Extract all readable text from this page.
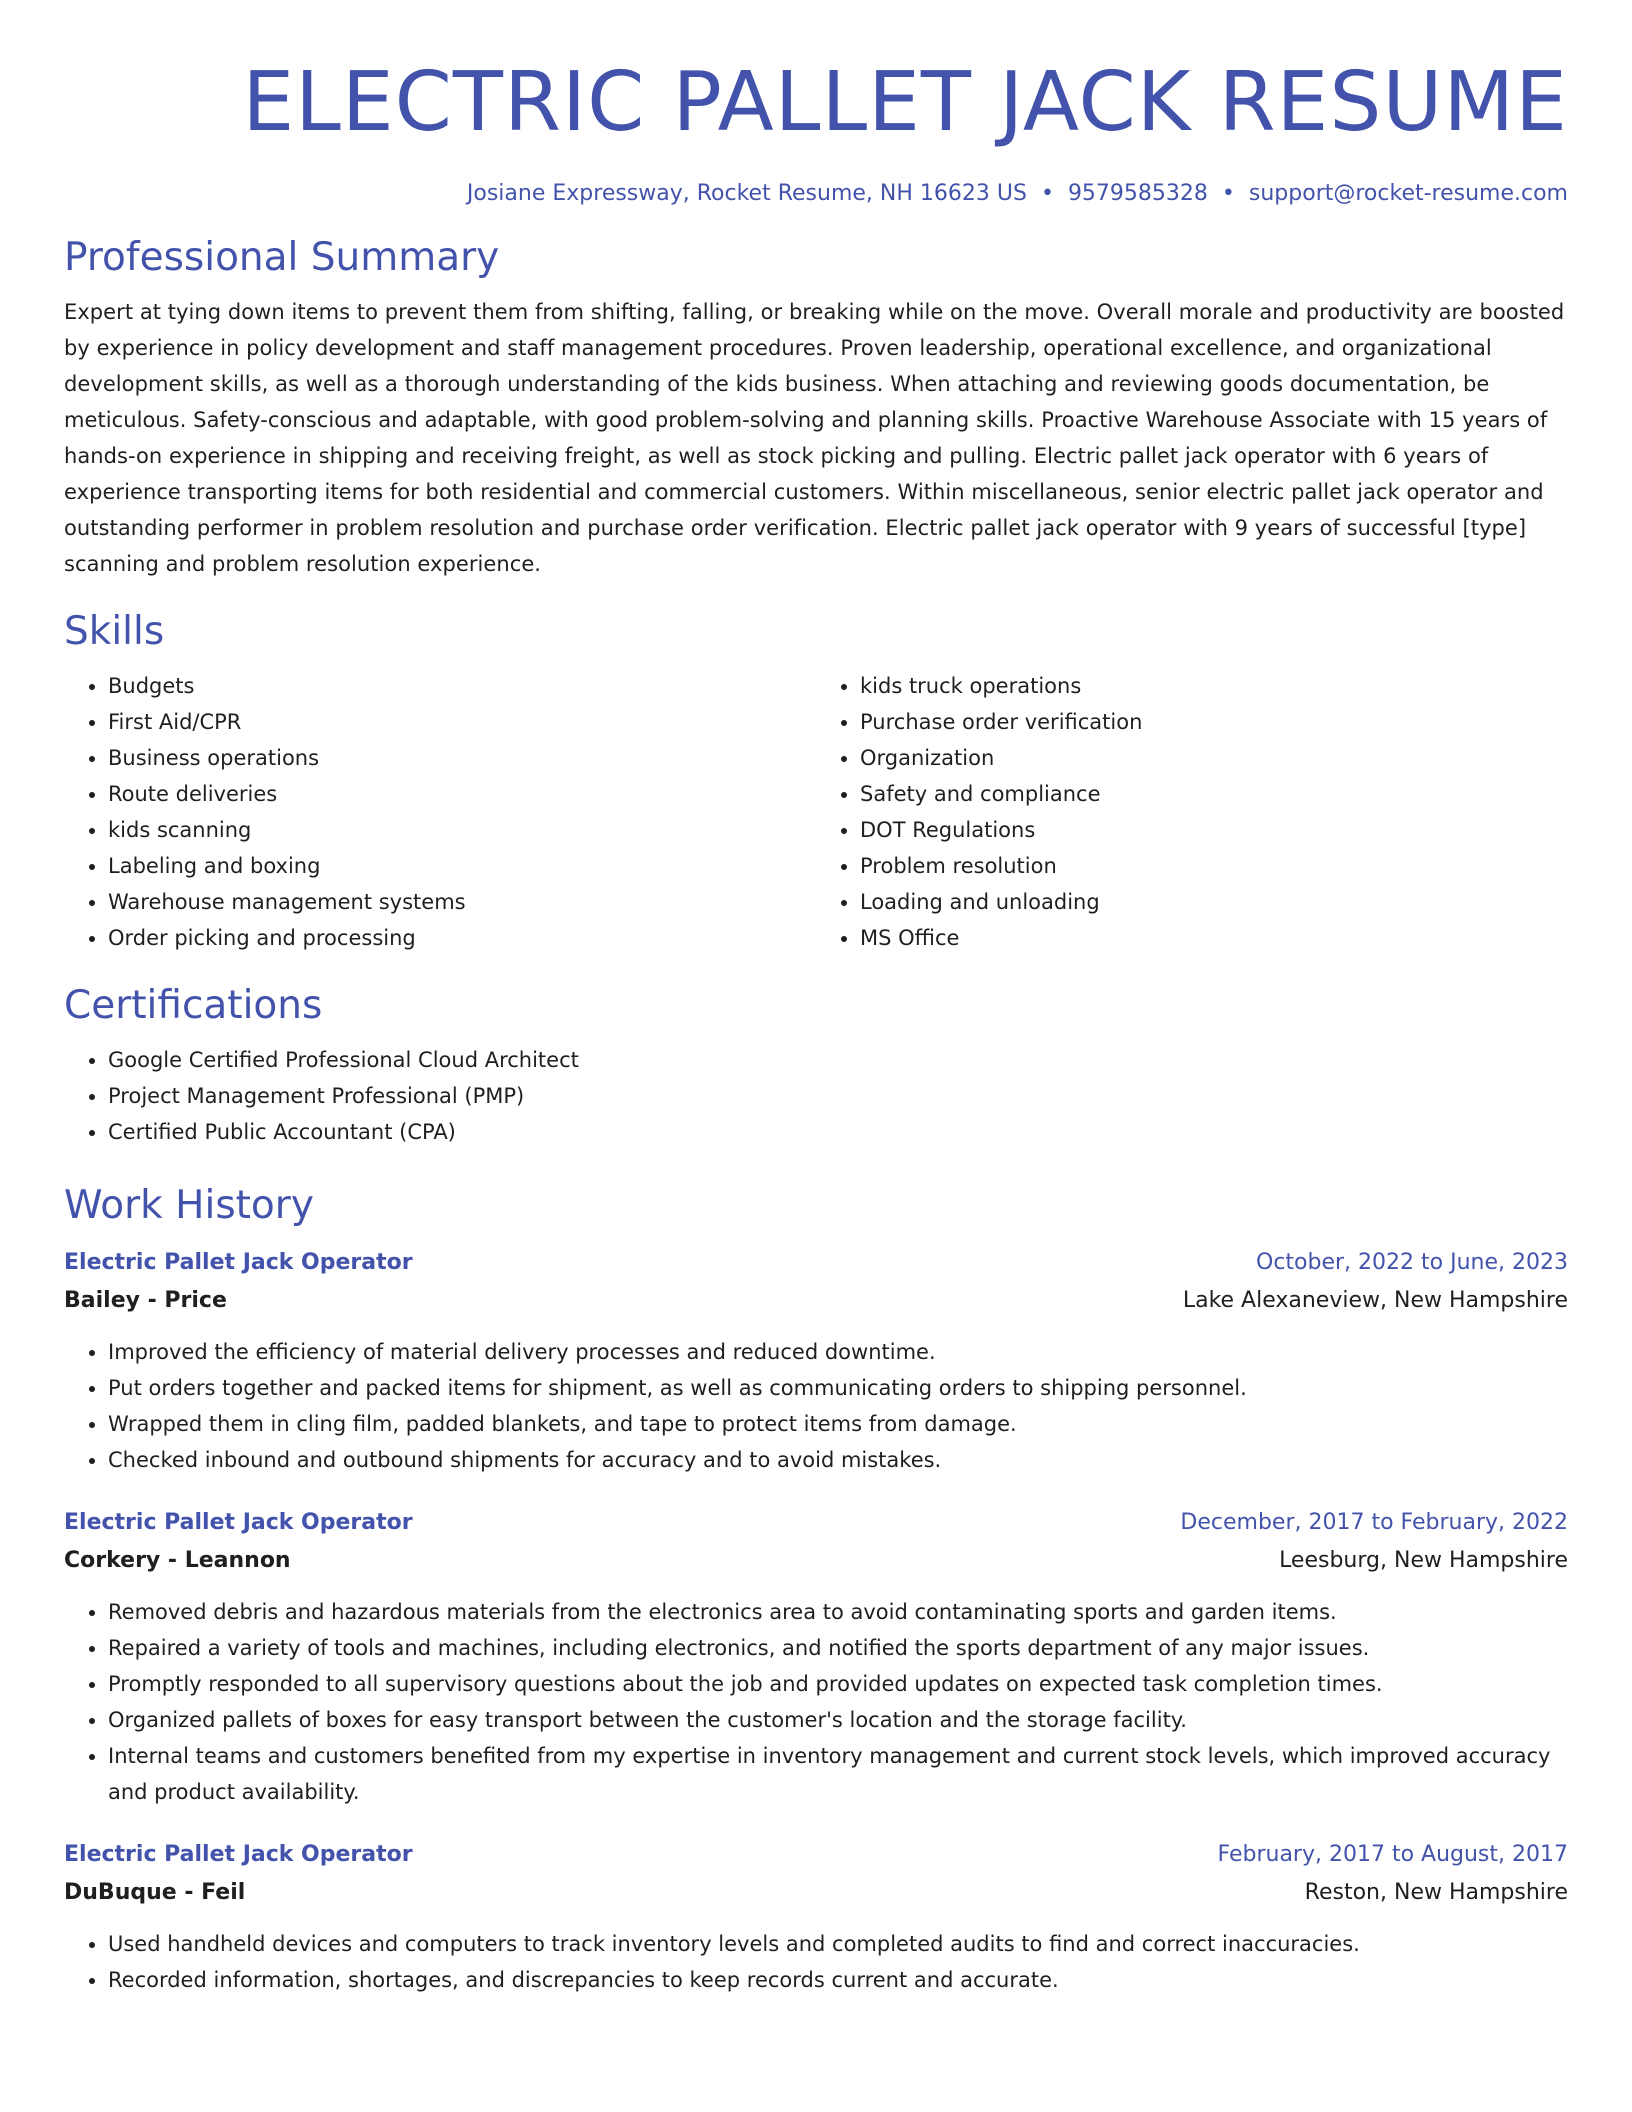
ELECTRIC PALLET JACK RESUME
Josiane Expressway, Rocket Resume, NH 16623 US • 9579585328 • support@rocket-resume.com
Professional Summary
Expert at tying down items to prevent them from shifting, falling, or breaking while on the move. Overall morale and productivity are boosted by experience in policy development and staff management procedures. Proven leadership, operational excellence, and organizational development skills, as well as a thorough understanding of the kids business. When attaching and reviewing goods documentation, be meticulous. Safety-conscious and adaptable, with good problem-solving and planning skills. Proactive Warehouse Associate with 15 years of hands-on experience in shipping and receiving freight, as well as stock picking and pulling. Electric pallet jack operator with 6 years of experience transporting items for both residential and commercial customers. Within miscellaneous, senior electric pallet jack operator and outstanding performer in problem resolution and purchase order verification. Electric pallet jack operator with 9 years of successful [type] scanning and problem resolution experience.
Skills
• Budgets
• First Aid/CPR
• Business operations
• Route deliveries
• kids scanning
• Labeling and boxing
• Warehouse management systems
• Order picking and processing
• kids truck operations
• Purchase order verification
• Organization
• Safety and compliance
• DOT Regulations
• Problem resolution
• Loading and unloading
• MS Office
Certifications
• Google Certified Professional Cloud Architect
• Project Management Professional (PMP)
• Certified Public Accountant (CPA)
Work History
Electric Pallet Jack Operator	October, 2022 to June, 2023
Bailey - Price	Lake Alexaneview, New Hampshire
• Improved the efficiency of material delivery processes and reduced downtime.
• Put orders together and packed items for shipment, as well as communicating orders to shipping personnel.
• Wrapped them in cling film, padded blankets, and tape to protect items from damage.
• Checked inbound and outbound shipments for accuracy and to avoid mistakes.
Electric Pallet Jack Operator	December, 2017 to February, 2022
Corkery - Leannon	Leesburg, New Hampshire
• Removed debris and hazardous materials from the electronics area to avoid contaminating sports and garden items.
• Repaired a variety of tools and machines, including electronics, and notified the sports department of any major issues.
• Promptly responded to all supervisory questions about the job and provided updates on expected task completion times.
• Organized pallets of boxes for easy transport between the customer's location and the storage facility.
• Internal teams and customers benefited from my expertise in inventory management and current stock levels, which improved accuracy and product availability.
Electric Pallet Jack Operator	February, 2017 to August, 2017
DuBuque - Feil	Reston, New Hampshire
• Used handheld devices and computers to track inventory levels and completed audits to find and correct inaccuracies.
• Recorded information, shortages, and discrepancies to keep records current and accurate.
